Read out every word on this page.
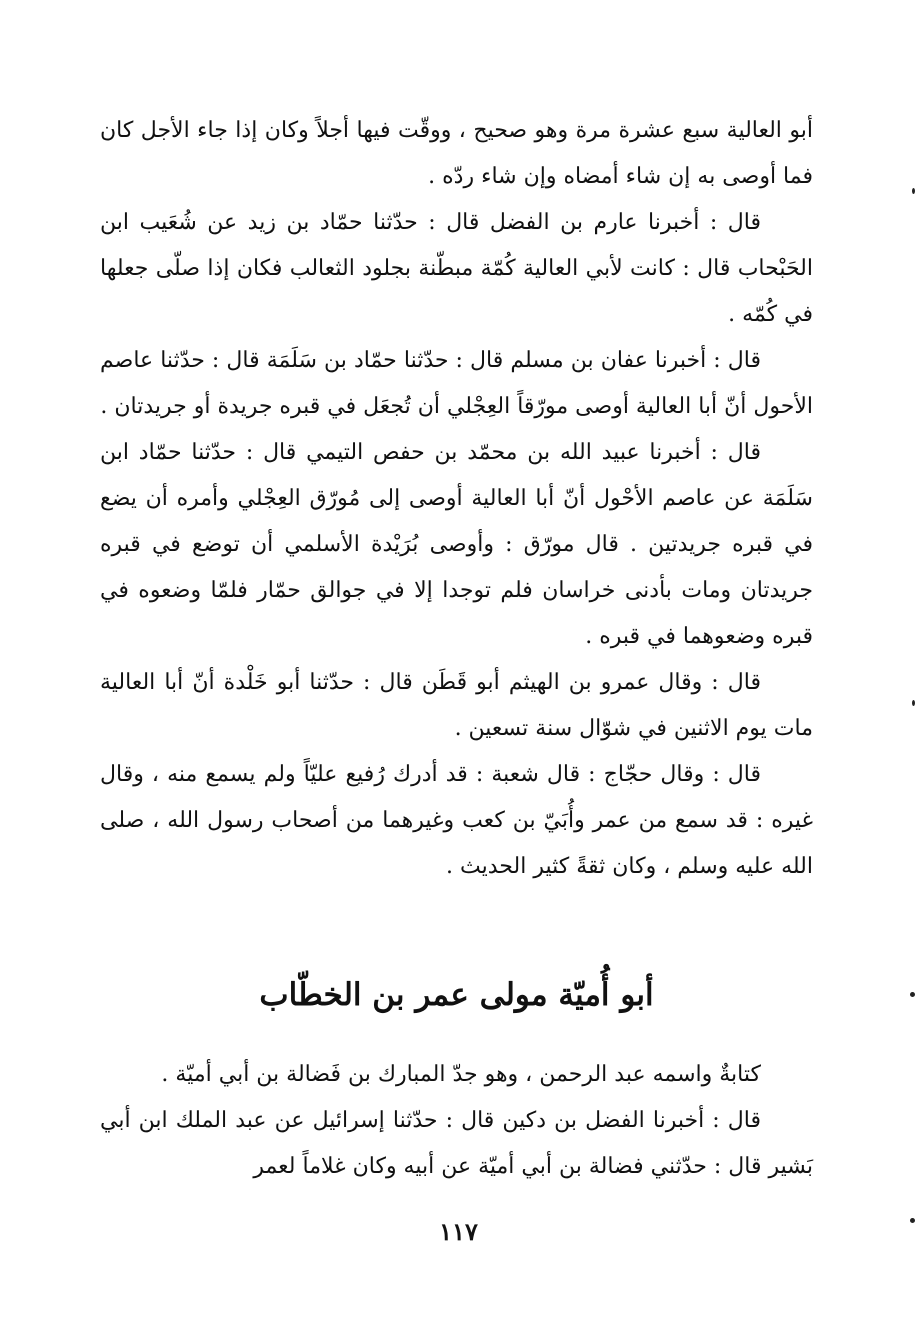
أبو العالية سبع عشرة مرة وهو صحيح ، ووقّت فيها أجلاً وكان إذا جاء الأجل كان فما أوصى به إن شاء أمضاه وإن شاء ردّه .

قال : أخبرنا عارم بن الفضل قال : حدّثنا حمّاد بن زيد عن شُعَيب ابن الحَبْحاب قال : كانت لأبي العالية كُمّة مبطّنة بجلود الثعالب فكان إذا صلّى جعلها في كُمّه .

قال : أخبرنا عفان بن مسلم قال : حدّثنا حمّاد بن سَلَمَة قال : حدّثنا عاصم الأحول أنّ أبا العالية أوصى مورّقاً العِجْلي أن تُجعَل في قبره جريدة أو جريدتان .

قال : أخبرنا عبيد الله بن محمّد بن حفص التيمي قال : حدّثنا حمّاد ابن سَلَمَة عن عاصم الأحْول أنّ أبا العالية أوصى إلى مُورّق العِجْلي وأمره أن يضع في قبره جريدتين . قال مورّق : وأوصى بُرَيْدة الأسلمي أن توضع في قبره جريدتان ومات بأدنى خراسان فلم توجدا إلا في جوالق حمّار فلمّا وضعوه في قبره وضعوهما في قبره .

قال : وقال عمرو بن الهيثم أبو قَطَن قال : حدّثنا أبو خَلْدة أنّ أبا العالية مات يوم الاثنين في شوّال سنة تسعين .

قال : وقال حجّاج : قال شعبة : قد أدرك رُفيع عليّاً ولم يسمع منه ، وقال غيره : قد سمع من عمر وأُبَيّ بن كعب وغيرهما من أصحاب رسول الله ، صلى الله عليه وسلم ، وكان ثقةً كثير الحديث .

أبو أُميّة مولى عمر بن الخطّاب

كتابةٌ واسمه عبد الرحمن ، وهو جدّ المبارك بن فَضالة بن أبي أميّة .

قال : أخبرنا الفضل بن دكين قال : حدّثنا إسرائيل عن عبد الملك ابن أبي بَشير قال : حدّثني فضالة بن أبي أميّة عن أبيه وكان غلاماً لعمر

١١٧
